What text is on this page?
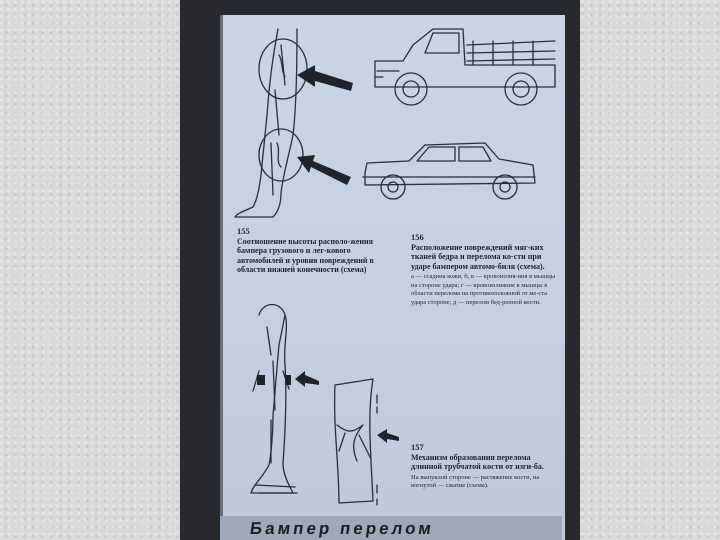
155
Соотношение высоты располо-жения бампера грузового и лег-кового автомобилей и уровня повреждений в области нижней конечности (схема)
156
Расположение повреждений мяг-ких тканей бедра и перелома ко-сти при ударе бампером автомо-биля (схема).
а — ссадина кожи, б, в — кровоизлия-ния в мышцы на стороне удара; г — кровоизлияние в мышцы в области перелома на противоположной от ме-ста удара стороне; д — перелом бед-ренной кости.
157
Механизм образования перелома длинной трубчатой кости от изги-ба.
На выпуклой стороне — растяжение кости, на вогнутой — сжатие (схема).
Бампер перелом
